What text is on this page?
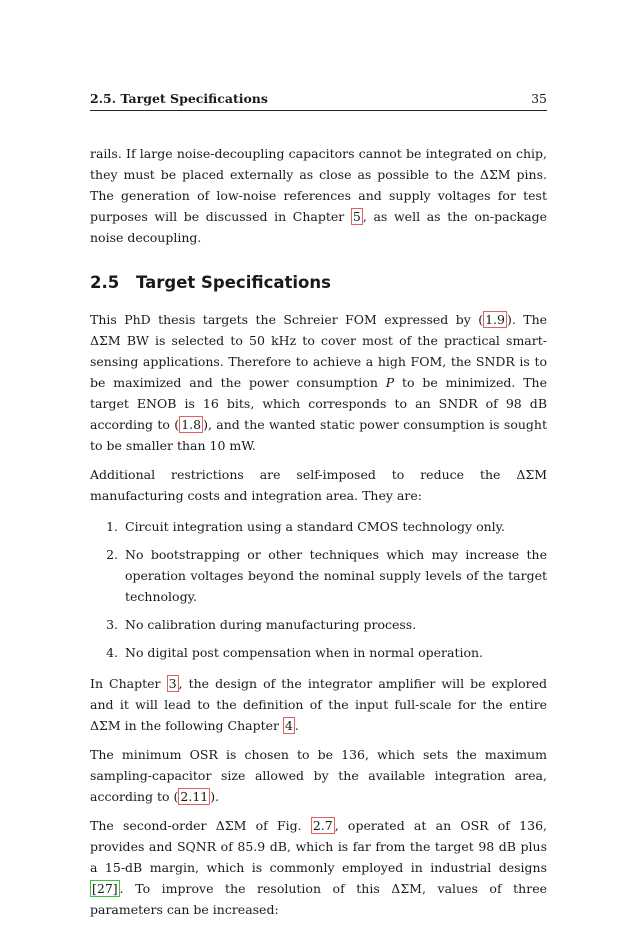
2.5. Target Specifications	35

rails. If large noise-decoupling capacitors cannot be integrated on chip, they must be placed externally as close as possible to the ΔΣM pins. The generation of low-noise references and supply voltages for test purposes will be discussed in Chapter 5 , as well as the on-package noise decoupling.

2.5 Target Specifications

This PhD thesis targets the Schreier FOM expressed by ( 1.9 ). The ΔΣM BW is selected to 50 kHz to cover most of the practical smart-sensing applications. Therefore to achieve a high FOM, the SNDR is to be maximized and the power consumption P to be minimized. The target ENOB is 16 bits, which corresponds to an SNDR of 98 dB according to ( 1.8 ), and the wanted static power consumption is sought to be smaller than 10 mW.

Additional restrictions are self-imposed to reduce the ΔΣM manufacturing costs and integration area. They are:

1. Circuit integration using a standard CMOS technology only.
2. No bootstrapping or other techniques which may increase the operation voltages beyond the nominal supply levels of the target technology.
3. No calibration during manufacturing process.
4. No digital post compensation when in normal operation.

In Chapter 3 , the design of the integrator amplifier will be explored and it will lead to the definition of the input full-scale for the entire ΔΣM in the following Chapter 4 .

The minimum OSR is chosen to be 136, which sets the maximum sampling-capacitor size allowed by the available integration area, according to ( 2.11 ).

The second-order ΔΣM of Fig. 2.7 , operated at an OSR of 136, provides and SQNR of 85.9 dB, which is far from the target 98 dB plus a 15-dB margin, which is commonly employed in industrial designs [27] . To improve the resolution of this ΔΣM, values of three parameters can be increased:
